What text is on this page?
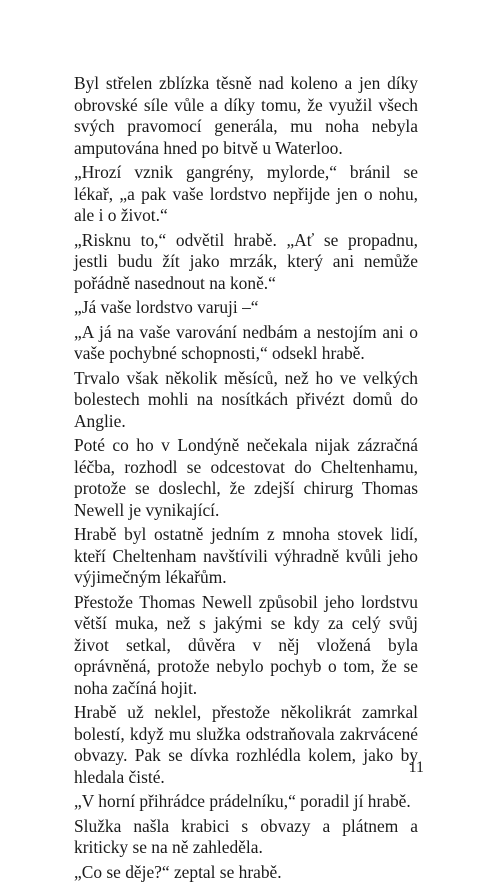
Byl střelen zblízka těsně nad koleno a jen díky obrovské síle vůle a díky tomu, že využil všech svých pravomocí generála, mu noha nebyla amputována hned po bitvě u Waterloo.

„Hrozí vznik gangrény, mylorde,“ bránil se lékař, „a pak vaše lordstvo nepřijde jen o nohu, ale i o život.“

„Risknu to,“ odvětil hrabě. „Ať se propadnu, jestli budu žít jako mrzák, který ani nemůže pořádně nasednout na koně.“

„Já vaše lordstvo varuji –“

„A já na vaše varování nedbám a nestojím ani o vaše pochybné schopnosti,“ odsekl hrabě.

Trvalo však několik měsíců, než ho ve velkých bolestech mohli na nosítkách přivézt domů do Anglie.

Poté co ho v Londýně nečekala nijak zázračná léčba, rozhodl se odcestovat do Cheltenhamu, protože se doslechl, že zdejší chirurg Thomas Newell je vynikající.

Hrabě byl ostatně jedním z mnoha stovek lidí, kteří Cheltenham navštívili výhradně kvůli jeho výjimečným lékařům.

Přestože Thomas Newell způsobil jeho lordstvu větší muka, než s jakými se kdy za celý svůj život setkal, důvěra v něj vložená byla oprávněná, protože nebylo pochyb o tom, že se noha začíná hojit.

Hrabě už neklel, přestože několikrát zamrkal bolestí, když mu služka odstraňovala zakrvácené obvazy. Pak se dívka rozhlédla kolem, jako by hledala čisté.

„V horní přihrádce prádelníku,“ poradil jí hrabě.

Služka našla krabici s obvazy a plátnem a kriticky se na ně zahleděla.

„Co se děje?“ zeptal se hrabě.

11
